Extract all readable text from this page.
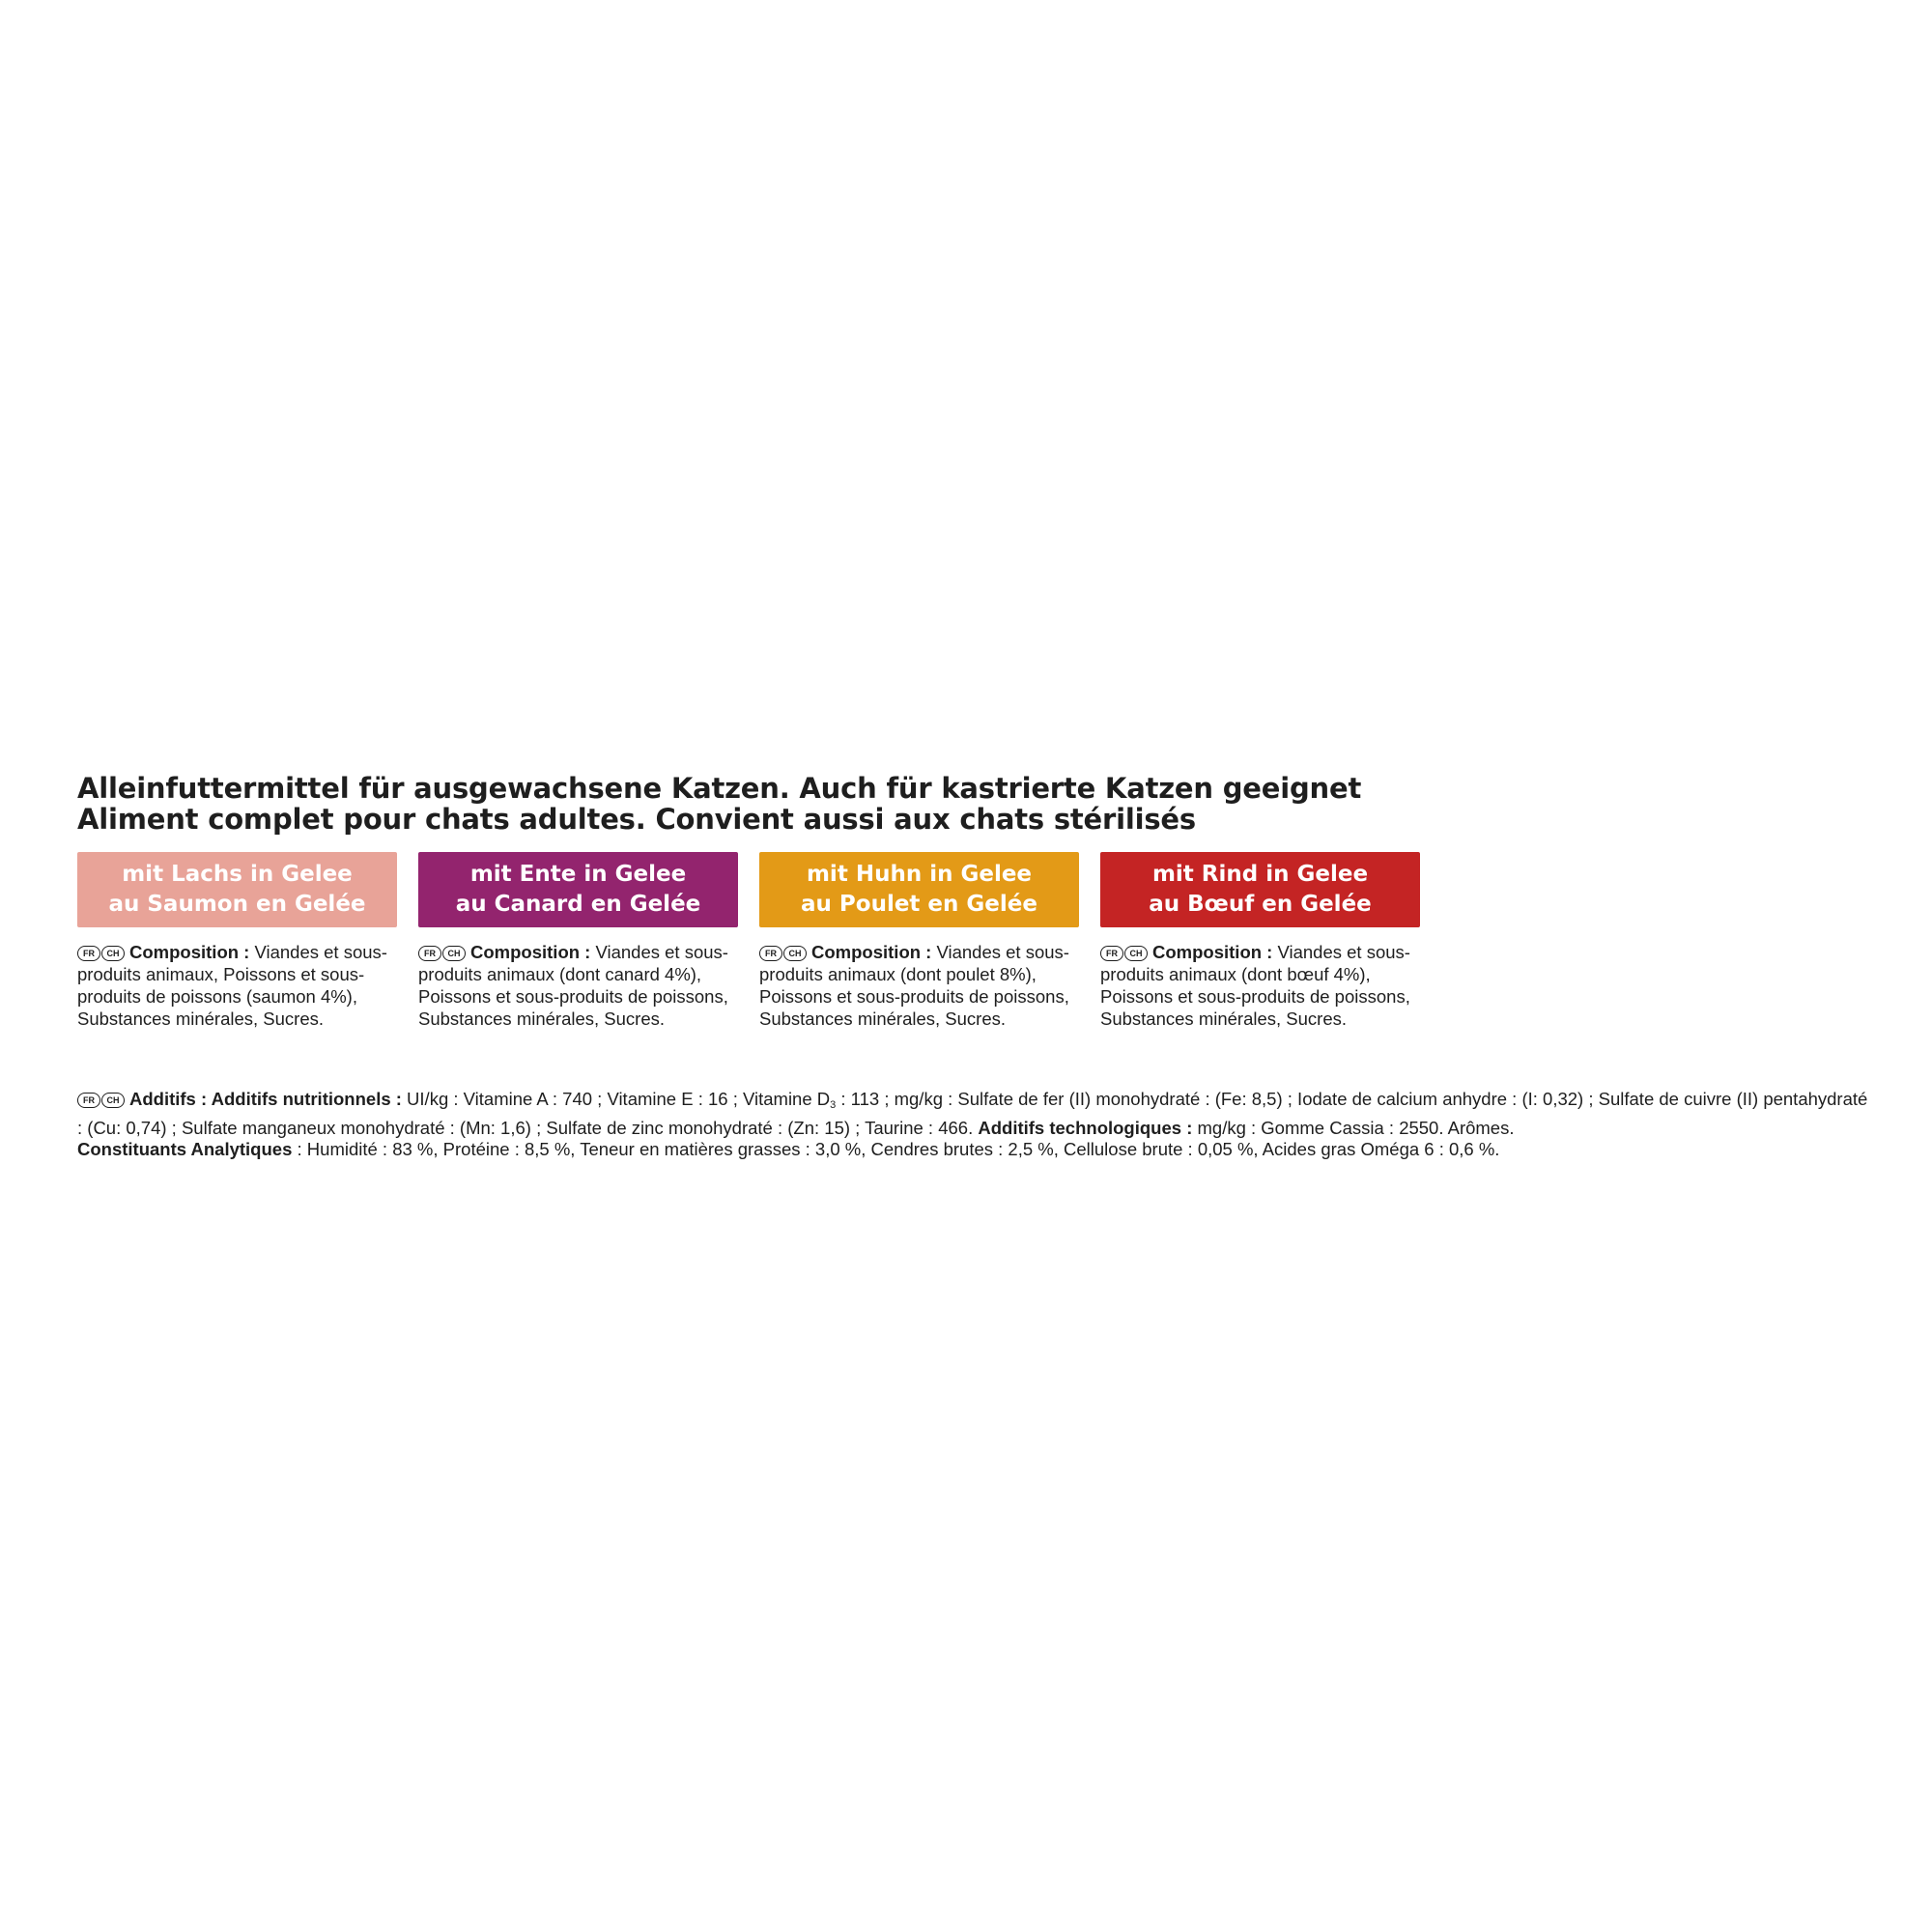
Alleinfuttermittel für ausgewachsene Katzen. Auch für kastrierte Katzen geeignet

Aliment complet pour chats adultes. Convient aussi aux chats stérilisés

mit Lachs in Gelee
au Saumon en Gelée
FR CH Composition : Viandes et sous-produits animaux, Poissons et sous-produits de poissons (saumon 4%), Substances minérales, Sucres.
mit Ente in Gelee
au Canard en Gelée
FR CH Composition : Viandes et sous-produits animaux (dont canard 4%), Poissons et sous-produits de poissons, Substances minérales, Sucres.
mit Huhn in Gelee
au Poulet en Gelée
FR CH Composition : Viandes et sous-produits animaux (dont poulet 8%), Poissons et sous-produits de poissons, Substances minérales, Sucres.
mit Rind in Gelee
au Bœuf en Gelée
FR CH Composition : Viandes et sous-produits animaux (dont bœuf 4%), Poissons et sous-produits de poissons, Substances minérales, Sucres.
FR CH Additifs : Additifs nutritionnels : UI/kg : Vitamine A : 740 ; Vitamine E : 16 ; Vitamine $D_3$ : 113 ; mg/kg : Sulfate de fer (II) monohydraté : (Fe: 8,5) ; Iodate de calcium anhydre : (I: 0,32) ; Sulfate de cuivre (II) pentahydraté : (Cu: 0,74) ; Sulfate manganeux monohydraté : (Mn: 1,6) ; Sulfate de zinc monohydraté : (Zn: 15) ; Taurine : 466. Additifs technologiques : mg/kg : Gomme Cassia : 2550. Arômes.
Constituants Analytiques : Humidité : 83 %, Protéine : 8,5 %, Teneur en matières grasses : 3,0 %, Cendres brutes : 2,5 %, Cellulose brute : 0,05 %, Acides gras Oméga 6 : 0,6 %.
